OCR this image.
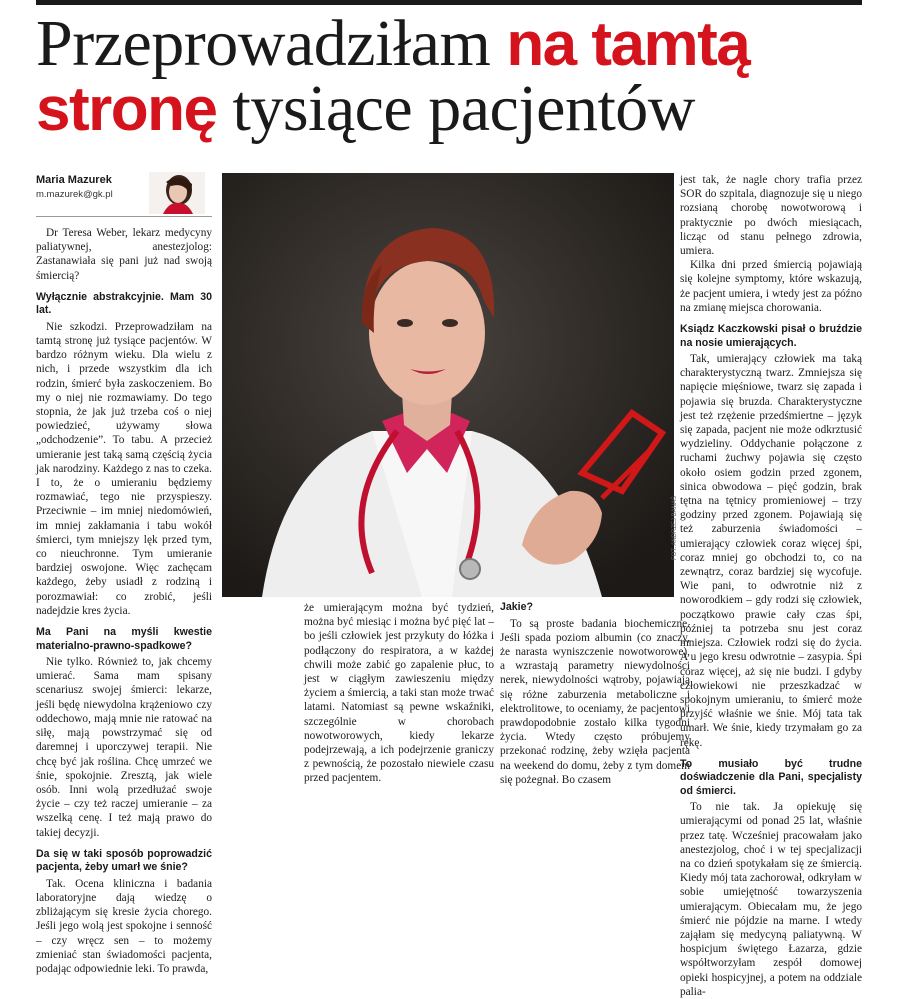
Przeprowadziłam na tamtą
stronę tysiące pacjentów
Maria Mazurek
m.mazurek@gk.pl

Dr Teresa Weber, lekarz medycyny paliatywnej, anestezjolog: Zastanawiała się pani już nad swoją śmiercią?

Wyłącznie abstrakcyjnie. Mam 30 lat.

Nie szkodzi. Przeprowadziłam na tamtą stronę już tysiące pacjentów. W bardzo różnym wieku. Dla wielu z nich, i przede wszystkim dla ich rodzin, śmierć była zaskoczeniem. Bo my o niej nie rozmawiamy. Do tego stopnia, że jak już trzeba coś o niej powiedzieć, używamy słowa „odchodzenie”. To tabu. A przecież umieranie jest taką samą częścią życia jak narodziny. Każdego z nas to czeka. I to, że o umieraniu będziemy rozmawiać, tego nie przyspieszy. Przeciwnie – im mniej niedomówień, im mniej zakłamania i tabu wokół śmierci, tym mniejszy lęk przed tym, co nieuchronne. Tym umieranie bardziej oswojone. Więc zachęcam każdego, żeby usiadł z rodziną i porozmawiał: co zrobić, jeśli nadejdzie kres życia.

Ma Pani na myśli kwestie materialno-prawno-spadkowe?

Nie tylko. Również to, jak chcemy umierać. Sama mam spisany scenariusz swojej śmierci: lekarze, jeśli będę niewydolna krążeniowo czy oddechowo, mają mnie nie ratować na siłę, mają powstrzymać się od daremnej i uporczywej terapii. Nie chcę być jak roślina. Chcę umrzeć we śnie, spokojnie. Zresztą, jak wiele osób. Inni wolą przedłużać swoje życie – czy też raczej umieranie – za wszelką cenę. I też mają prawo do takiej decyzji.

Da się w taki sposób poprowadzić pacjenta, żeby umarł we śnie?

Tak. Ocena kliniczna i badania laboratoryjne dają wiedzę o zbliżającym się kresie życia chorego. Jeśli jego wolą jest spokojne i senność – czy wręcz sen – to możemy zmieniać stan świadomości pacjenta, podając odpowiednie leki. To prawda,

FOT. ANDRZEJ BANAŚ

że umierającym można być tydzień, można być miesiąc i można być pięć lat – bo jeśli człowiek jest przykuty do łóżka i podłączony do respiratora, a w każdej chwili może zabić go zapalenie płuc, to jest w ciągłym zawieszeniu między życiem a śmiercią, a taki stan może trwać latami. Natomiast są pewne wskaźniki, szczególnie w chorobach nowotworowych, kiedy lekarze podejrzewają, a ich podejrzenie graniczy z pewnością, że pozostało niewiele czasu przed pacjentem.

Jakie?

To są proste badania biochemiczne. Jeśli spada poziom albumin (co znaczy, że narasta wyniszczenie nowotworowe), a wzrastają parametry niewydolności nerek, niewydolności wątroby, pojawiają się różne zaburzenia metaboliczne i elektrolitowe, to oceniamy, że pacjentowi prawdopodobnie zostało kilka tygodni życia. Wtedy często próbujemy przekonać rodzinę, żeby wzięła pacjenta na weekend do domu, żeby z tym domem się pożegnał. Bo czasem

jest tak, że nagle chory trafia przez SOR do szpitala, diagnozuje się u niego rozsianą chorobę nowotworową i praktycznie po dwóch miesiącach, licząc od stanu pełnego zdrowia, umiera.

Kilka dni przed śmiercią pojawiają się kolejne symptomy, które wskazują, że pacjent umiera, i wtedy jest za późno na zmianę miejsca chorowania.

Ksiądz Kaczkowski pisał o bruździe na nosie umierających.

Tak, umierający człowiek ma taką charakterystyczną twarz. Zmniejsza się napięcie mięśniowe, twarz się zapada i pojawia się bruzda. Charakterystyczne jest też rzężenie przedśmiertne – język się zapada, pacjent nie może odkrztusić wydzieliny. Oddychanie połączone z ruchami żuchwy pojawia się często około osiem godzin przed zgonem, sinica obwodowa – pięć godzin, brak tętna na tętnicy promieniowej – trzy godziny przed zgonem. Pojawiają się też zaburzenia świadomości – umierający człowiek coraz więcej śpi, coraz mniej go obchodzi to, co na zewnątrz, coraz bardziej się wycofuje. Wie pani, to odwrotnie niż z noworodkiem – gdy rodzi się człowiek, początkowo prawie cały czas śpi, później ta potrzeba snu jest coraz mniejsza. Człowiek rodzi się do życia. A u jego kresu odwrotnie – zasypia. Śpi coraz więcej, aż się nie budzi. I gdyby człowiekowi nie przeszkadzać w spokojnym umieraniu, to śmierć może przyjść właśnie we śnie. Mój tata tak umarł. We śnie, kiedy trzymałam go za rękę.

To musiało być trudne doświadczenie dla Pani, specjalisty od śmierci.

To nie tak. Ja opiekuję się umierającymi od ponad 25 lat, właśnie przez tatę. Wcześniej pracowałam jako anestezjolog, choć i w tej specjalizacji na co dzień spotykałam się ze śmiercią. Kiedy mój tata zachorował, odkryłam w sobie umiejętność towarzyszenia umierającym. Obiecałam mu, że jego śmierć nie pójdzie na marne. I wtedy zająłam się medycyną paliatywną. W hospicjum świętego Łazarza, gdzie współtworzyłam zespół domowej opieki hospicyjnej, a potem na oddziale palia-
